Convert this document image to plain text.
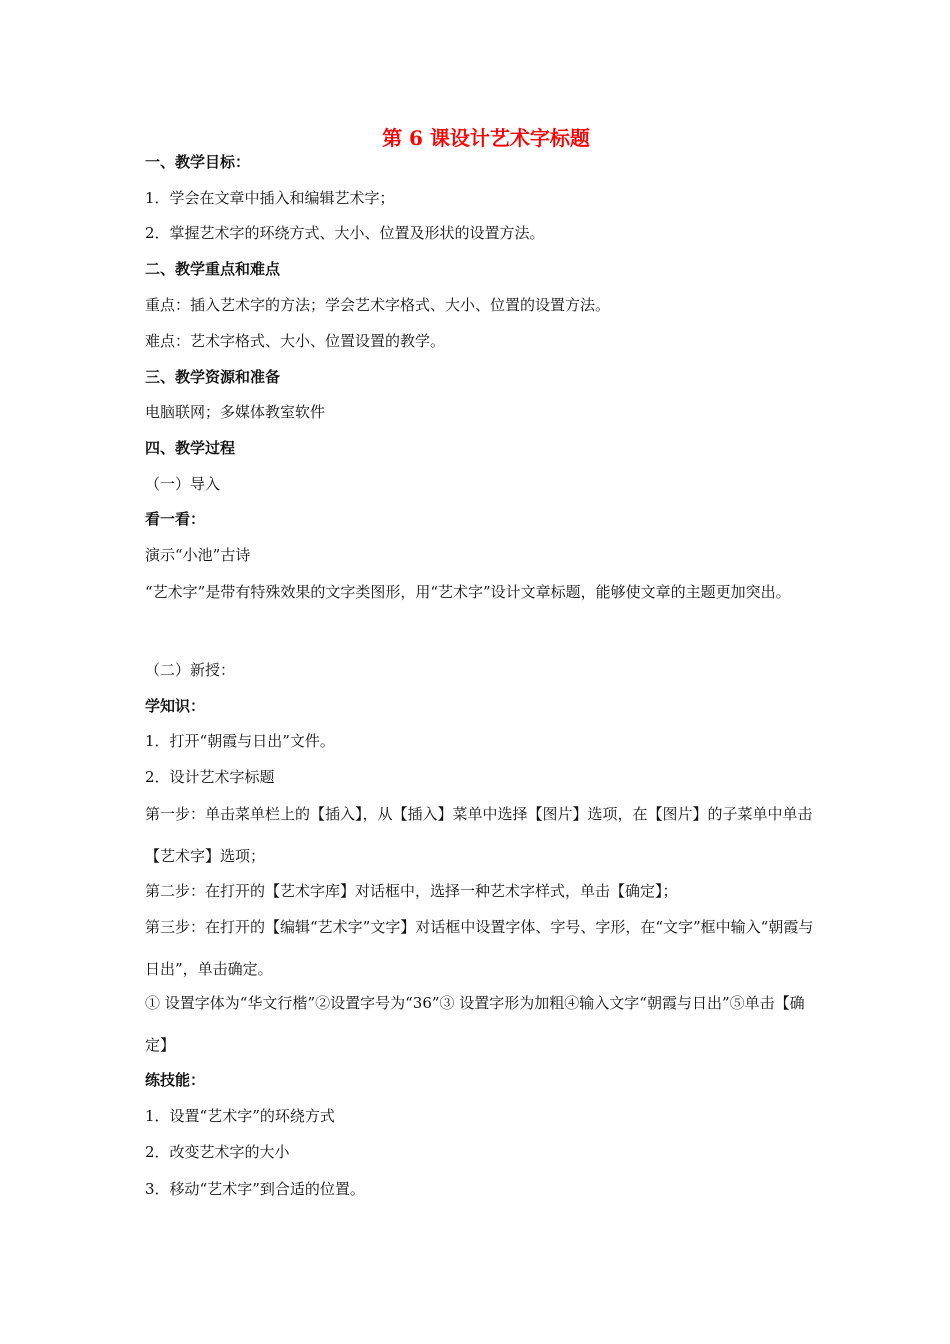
第 6 课设计艺术字标题
一、教学目标：
1．学会在文章中插入和编辑艺术字；
2．掌握艺术字的环绕方式、大小、位置及形状的设置方法。
二、教学重点和难点
重点：插入艺术字的方法；学会艺术字格式、大小、位置的设置方法。
难点：艺术字格式、大小、位置设置的教学。
三、教学资源和准备
电脑联网；多媒体教室软件
四、教学过程
（一）导入
看一看：
演示“小池”古诗
“艺术字”是带有特殊效果的文字类图形，用“艺术字”设计文章标题，能够使文章的主题更加突出。
（二）新授：
学知识：
1．打开“朝霞与日出”文件。
2．设计艺术字标题
第一步：单击菜单栏上的【插入】，从【插入】菜单中选择【图片】选项，在【图片】的子菜单中单击【艺术字】选项；
第二步：在打开的【艺术字库】对话框中，选择一种艺术字样式，单击【确定】；
第三步：在打开的【编辑“艺术字”文字】对话框中设置字体、字号、字形，在“文字”框中输入“朝霞与日出”，单击确定。
① 设置字体为“华文行楷”②设置字号为“36”③ 设置字形为加粗④输入文字“朝霞与日出”⑤单击【确定】
练技能：
1．设置“艺术字”的环绕方式
2．改变艺术字的大小
3．移动“艺术字”到合适的位置。
